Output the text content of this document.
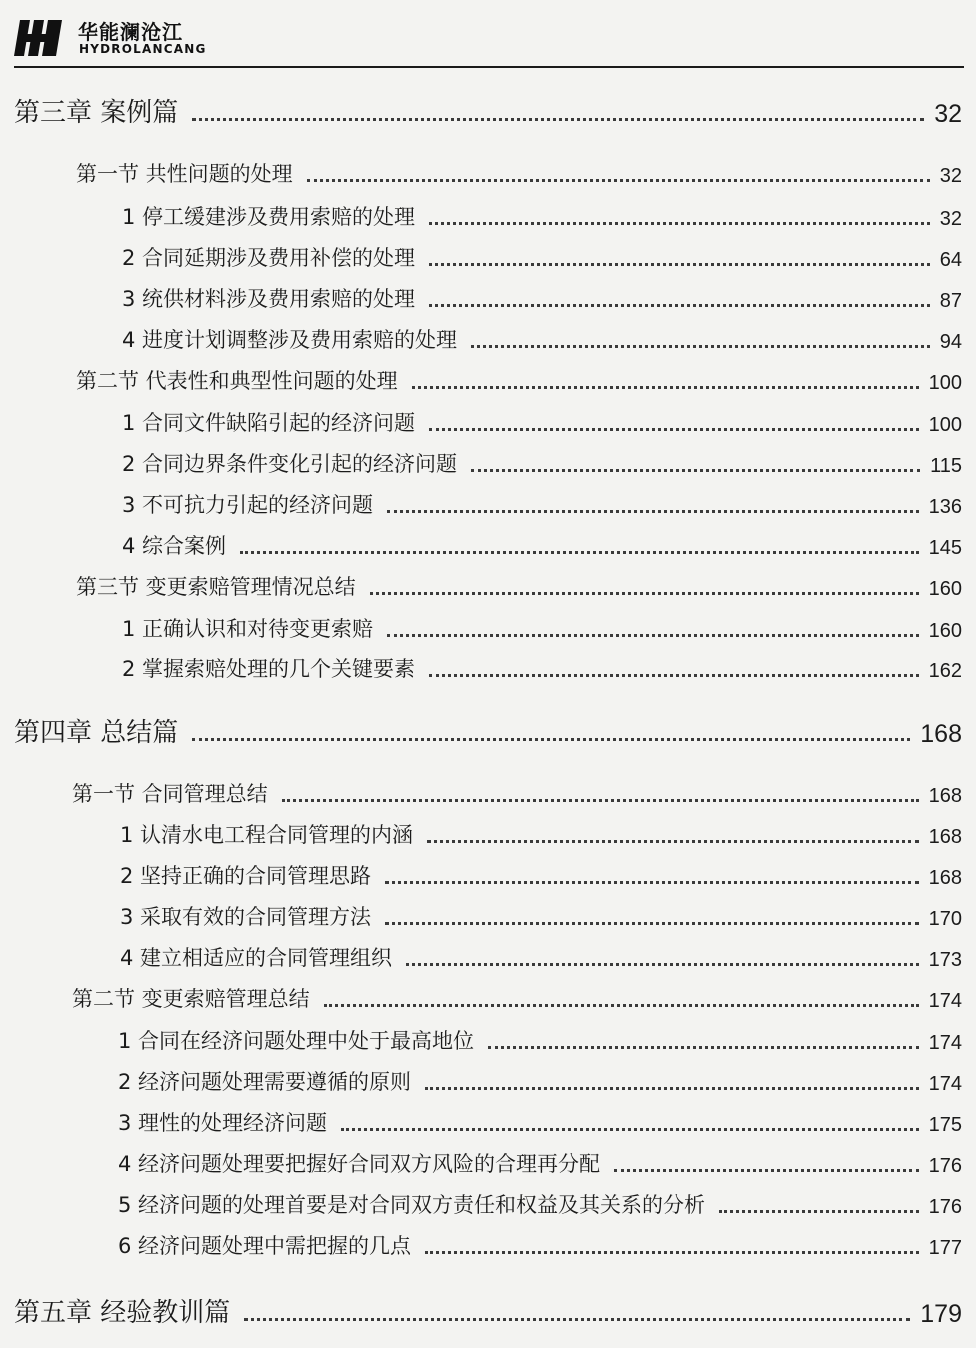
华能澜沧江
HYDROLANCANG
第三章 案例篇	32
第一节 共性问题的处理	32
1 停工缓建涉及费用索赔的处理	32
2 合同延期涉及费用补偿的处理	64
3 统供材料涉及费用索赔的处理	87
4 进度计划调整涉及费用索赔的处理	94
第二节 代表性和典型性问题的处理	100
1 合同文件缺陷引起的经济问题	100
2 合同边界条件变化引起的经济问题	115
3 不可抗力引起的经济问题	136
4 综合案例	145
第三节 变更索赔管理情况总结	160
1 正确认识和对待变更索赔	160
2 掌握索赔处理的几个关键要素	162
第四章 总结篇	168
第一节 合同管理总结	168
1 认清水电工程合同管理的内涵	168
2 坚持正确的合同管理思路	168
3 采取有效的合同管理方法	170
4 建立相适应的合同管理组织	173
第二节 变更索赔管理总结	174
1 合同在经济问题处理中处于最高地位	174
2 经济问题处理需要遵循的原则	174
3 理性的处理经济问题	175
4 经济问题处理要把握好合同双方风险的合理再分配	176
5 经济问题的处理首要是对合同双方责任和权益及其关系的分析	176
6 经济问题处理中需把握的几点	177
第五章 经验教训篇	179
